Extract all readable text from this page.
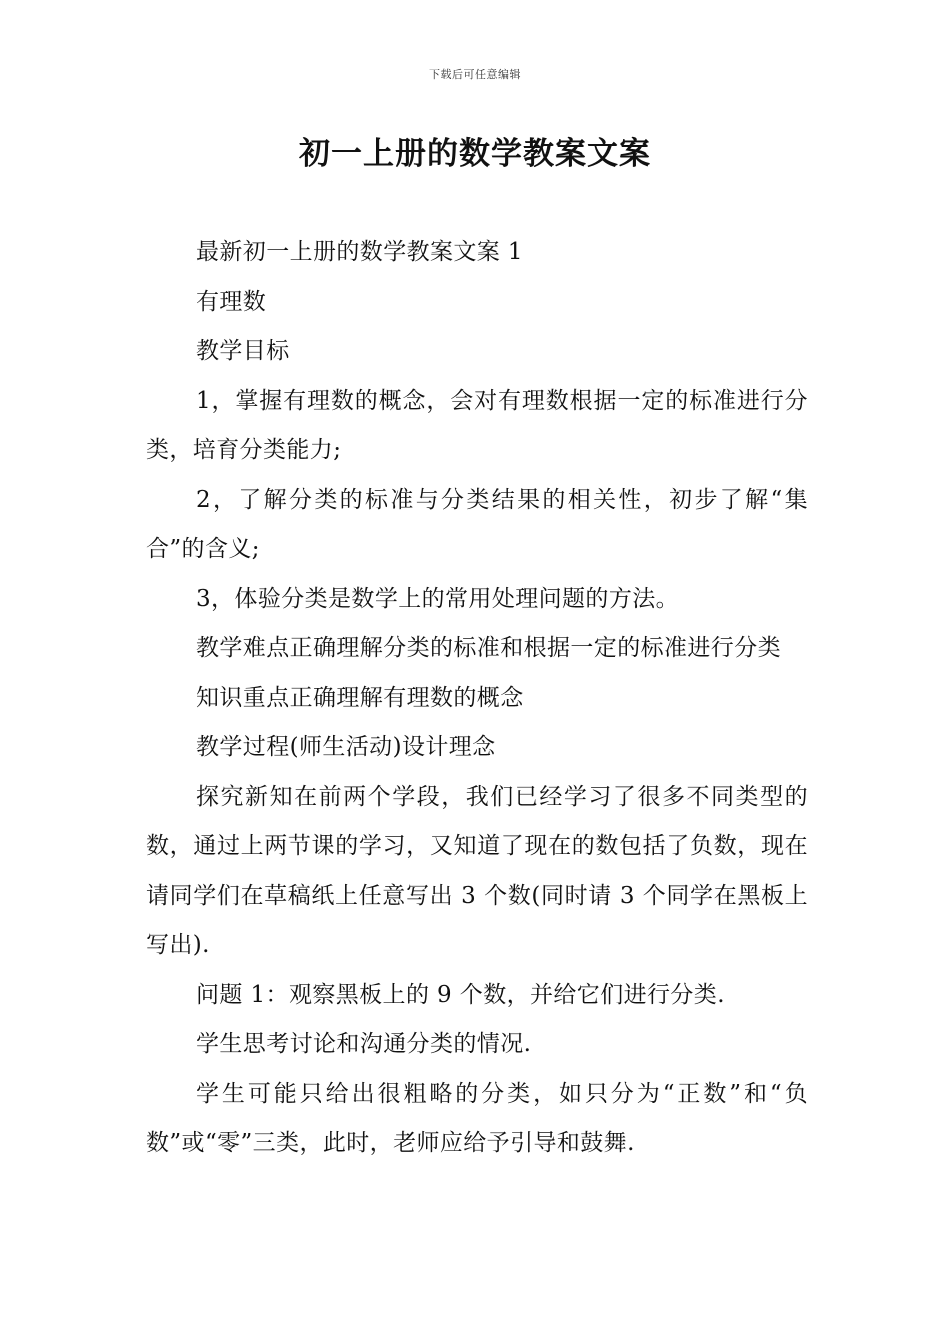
下载后可任意编辑
初一上册的数学教案文案

最新初一上册的数学教案文案 1

有理数

教学目标

1，掌握有理数的概念，会对有理数根据一定的标准进行分类，培育分类能力;

2，了解分类的标准与分类结果的相关性，初步了解“集合”的含义;

3，体验分类是数学上的常用处理问题的方法。

教学难点正确理解分类的标准和根据一定的标准进行分类

知识重点正确理解有理数的概念

教学过程(师生活动)设计理念

探究新知在前两个学段，我们已经学习了很多不同类型的数，通过上两节课的学习，又知道了现在的数包括了负数，现在请同学们在草稿纸上任意写出 3 个数(同时请 3 个同学在黑板上写出).

问题 1：观察黑板上的 9 个数，并给它们进行分类.

学生思考讨论和沟通分类的情况.

学生可能只给出很粗略的分类，如只分为“正数”和“负数”或“零”三类，此时，老师应给予引导和鼓舞.
